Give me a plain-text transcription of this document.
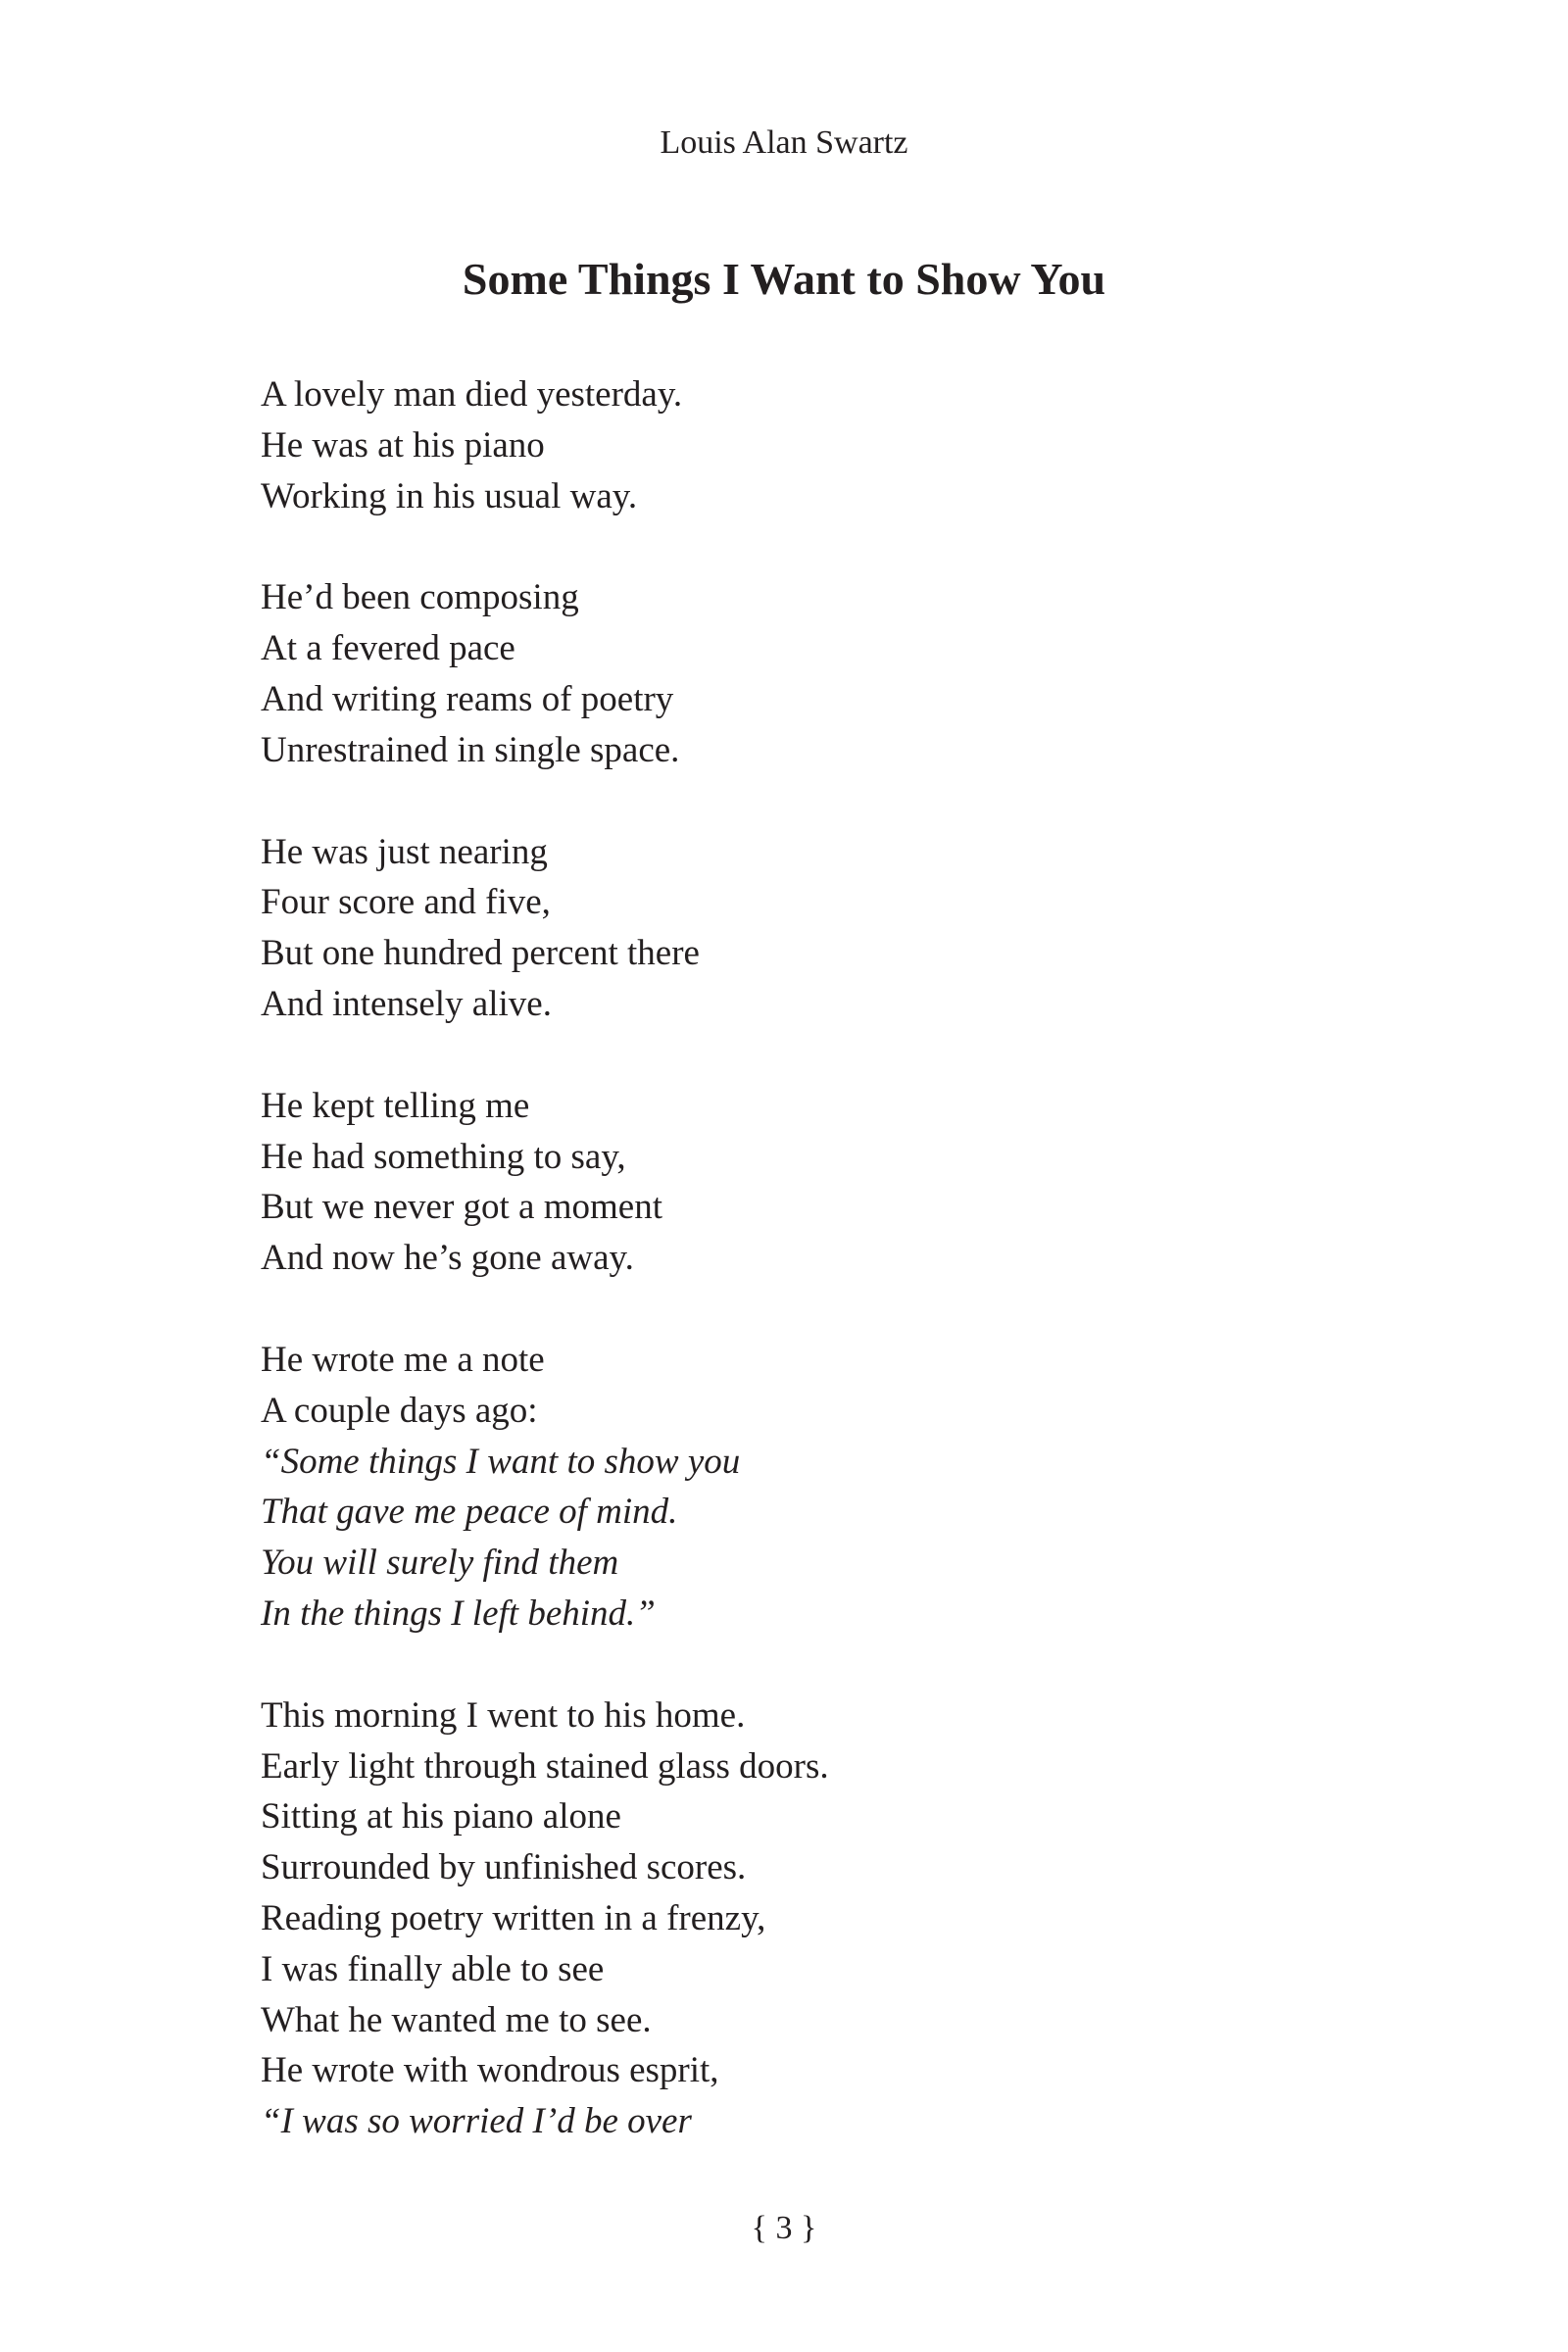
Louis Alan Swartz
Some Things I Want to Show You
A lovely man died yesterday.
He was at his piano
Working in his usual way.
He’d been composing
At a fevered pace
And writing reams of poetry
Unrestrained in single space.
He was just nearing
Four score and five,
But one hundred percent there
And intensely alive.
He kept telling me
He had something to say,
But we never got a moment
And now he’s gone away.
He wrote me a note
A couple days ago:
“Some things I want to show you
That gave me peace of mind.
You will surely find them
In the things I left behind.”
This morning I went to his home.
Early light through stained glass doors.
Sitting at his piano alone
Surrounded by unfinished scores.
Reading poetry written in a frenzy,
I was finally able to see
What he wanted me to see.
He wrote with wondrous esprit,
“I was so worried I’d be over
{ 3 }
